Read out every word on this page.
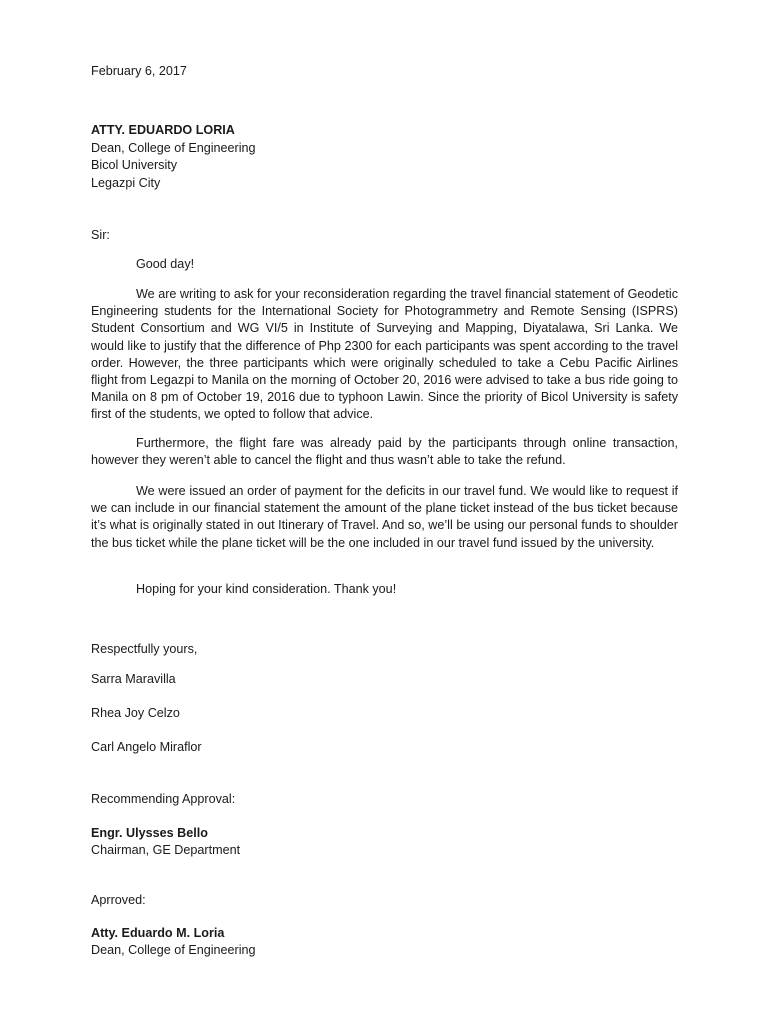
February 6, 2017
ATTY. EDUARDO LORIA
Dean, College of Engineering
Bicol University
Legazpi City
Sir:
Good day!

We are writing to ask for your reconsideration regarding the travel financial statement of Geodetic Engineering students for the International Society for Photogrammetry and Remote Sensing (ISPRS) Student Consortium and WG VI/5 in Institute of Surveying and Mapping, Diyatalawa, Sri Lanka. We would like to justify that the difference of Php 2300 for each participants was spent according to the travel order. However, the three participants which were originally scheduled to take a Cebu Pacific Airlines flight from Legazpi to Manila on the morning of October 20, 2016 were advised to take a bus ride going to Manila on 8 pm of October 19, 2016 due to typhoon Lawin. Since the priority of Bicol University is safety first of the students, we opted to follow that advice.

Furthermore, the flight fare was already paid by the participants through online transaction, however they weren’t able to cancel the flight and thus wasn’t able to take the refund.

We were issued an order of payment for the deficits in our travel fund. We would like to request if we can include in our financial statement the amount of the plane ticket instead of the bus ticket because it’s what is originally stated in out Itinerary of Travel. And so, we’ll be using our personal funds to shoulder the bus ticket while the plane ticket will be the one included in our travel fund issued by the university.

Hoping for your kind consideration. Thank you!
Respectfully yours,
Sarra Maravilla
Rhea Joy Celzo
Carl Angelo Miraflor
Recommending Approval:
Engr. Ulysses Bello
Chairman, GE Department
Aprroved:
Atty. Eduardo M. Loria
Dean, College of Engineering
